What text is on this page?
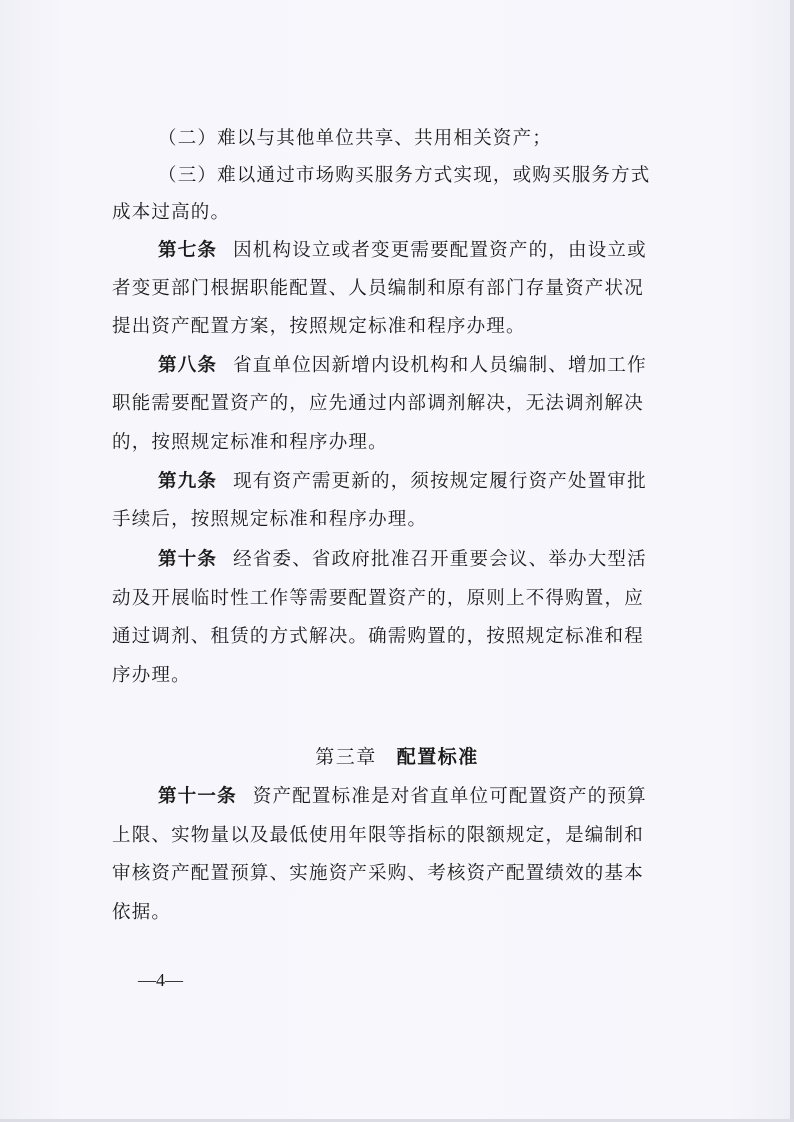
（二）难以与其他单位共享、共用相关资产；
（三）难以通过市场购买服务方式实现，或购买服务方式
成本过高的。
第七条 因机构设立或者变更需要配置资产的，由设立或
者变更部门根据职能配置、人员编制和原有部门存量资产状况
提出资产配置方案，按照规定标准和程序办理。
第八条 省直单位因新增内设机构和人员编制、增加工作
职能需要配置资产的，应先通过内部调剂解决，无法调剂解决
的，按照规定标准和程序办理。
第九条 现有资产需更新的，须按规定履行资产处置审批
手续后，按照规定标准和程序办理。
第十条 经省委、省政府批准召开重要会议、举办大型活
动及开展临时性工作等需要配置资产的，原则上不得购置，应
通过调剂、租赁的方式解决。确需购置的，按照规定标准和程
序办理。
第三章 配置标准
第十一条 资产配置标准是对省直单位可配置资产的预算
上限、实物量以及最低使用年限等指标的限额规定，是编制和
审核资产配置预算、实施资产采购、考核资产配置绩效的基本
依据。
—4—
